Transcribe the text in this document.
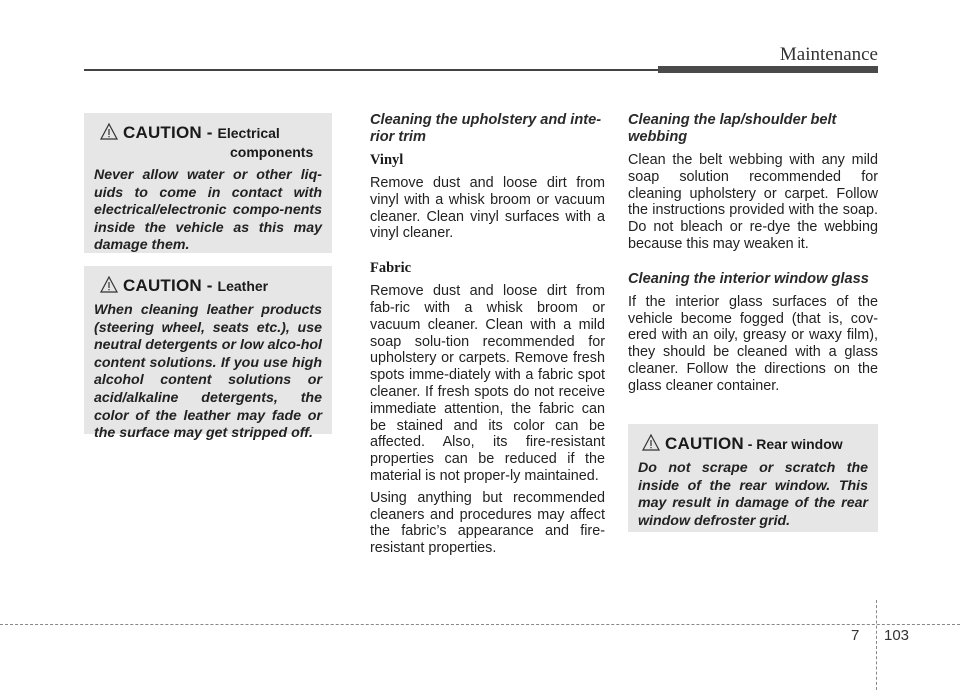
Maintenance
CAUTION - Electrical
components
Never allow water or other liq-uids to come in contact with electrical/electronic compo-nents inside the vehicle as this may damage them.
CAUTION - Leather
When cleaning leather products (steering wheel, seats etc.), use neutral detergents or low alco-hol content solutions. If you use high alcohol content solutions or acid/alkaline detergents, the color of the leather may fade or the surface may get stripped off.
Cleaning the upholstery and inte-rior trim
Vinyl
Remove dust and loose dirt from vinyl with a whisk broom or vacuum cleaner. Clean vinyl surfaces with a vinyl cleaner.
Fabric
Remove dust and loose dirt from fab-ric with a whisk broom or vacuum cleaner. Clean with a mild soap solu-tion recommended for upholstery or carpets. Remove fresh spots imme-diately with a fabric spot cleaner. If fresh spots do not receive immediate attention, the fabric can be stained and its color can be affected. Also, its fire-resistant properties can be reduced if the material is not proper-ly maintained.
Using anything but recommended cleaners and procedures may affect the fabric’s appearance and fire-resistant properties.
Cleaning the lap/shoulder belt webbing
Clean the belt webbing with any mild soap solution recommended for cleaning upholstery or carpet. Follow the instructions provided with the soap. Do not bleach or re-dye the webbing because this may weaken it.
Cleaning the interior window glass
If the interior glass surfaces of the vehicle become fogged (that is, cov-ered with an oily, greasy or waxy film), they should be cleaned with a glass cleaner. Follow the directions on the glass cleaner container.
CAUTION - Rear window
Do not scrape or scratch the inside of the rear window. This may result in damage of the rear window defroster grid.
7 103
